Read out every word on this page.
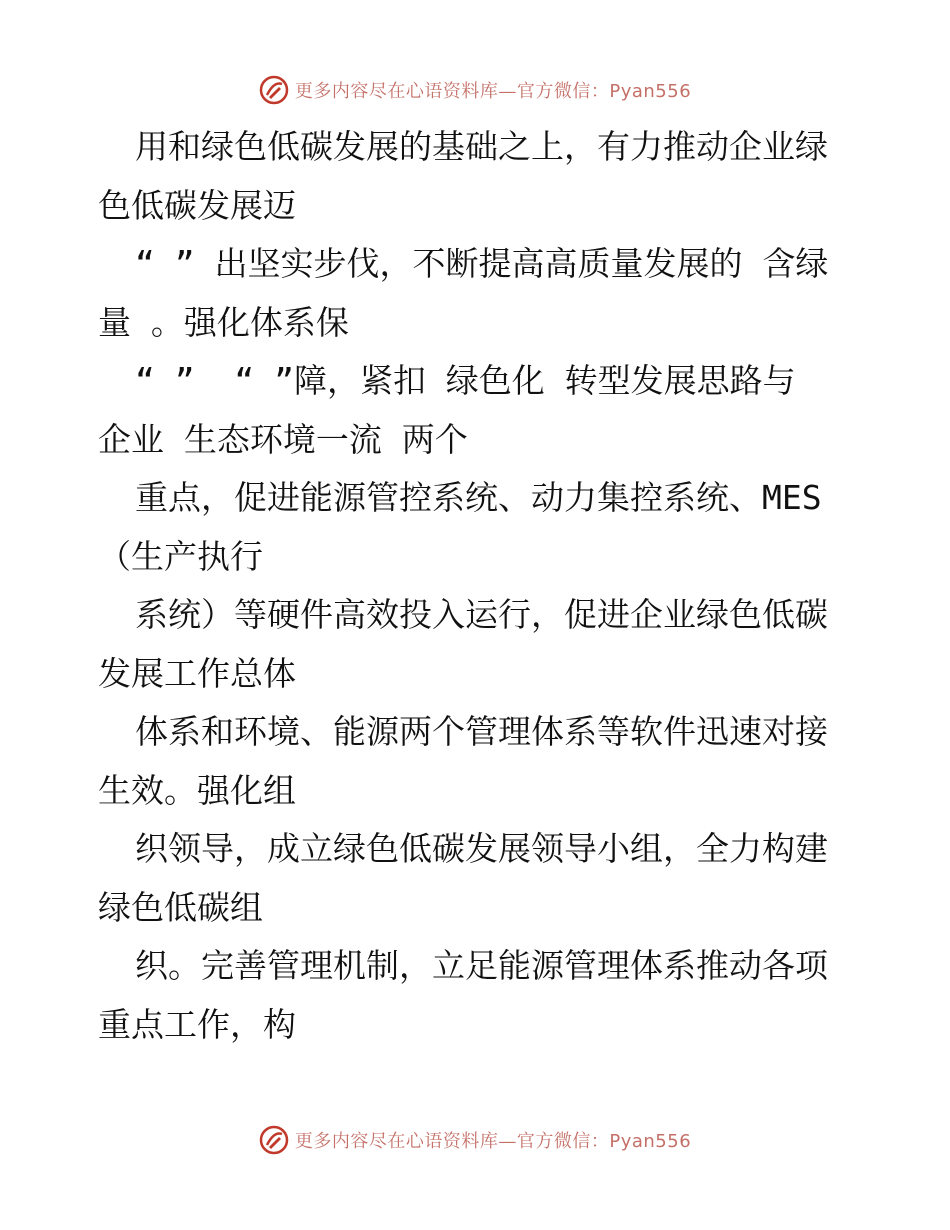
更多内容尽在心语资料库—官方微信：Pyan556
用和绿色低碳发展的基础之上，有力推动企业绿
色低碳发展迈
“ ” 出坚实步伐，不断提高高质量发展的 含绿
量 。强化体系保
“ ”  “ ”障，紧扣 绿色化 转型发展思路与
企业 生态环境一流 两个
重点，促进能源管控系统、动力集控系统、MES
（生产执行
系统）等硬件高效投入运行，促进企业绿色低碳
发展工作总体
体系和环境、能源两个管理体系等软件迅速对接
生效。强化组
织领导，成立绿色低碳发展领导小组，全力构建
绿色低碳组
织。完善管理机制，立足能源管理体系推动各项
重点工作，构
更多内容尽在心语资料库—官方微信：Pyan556
